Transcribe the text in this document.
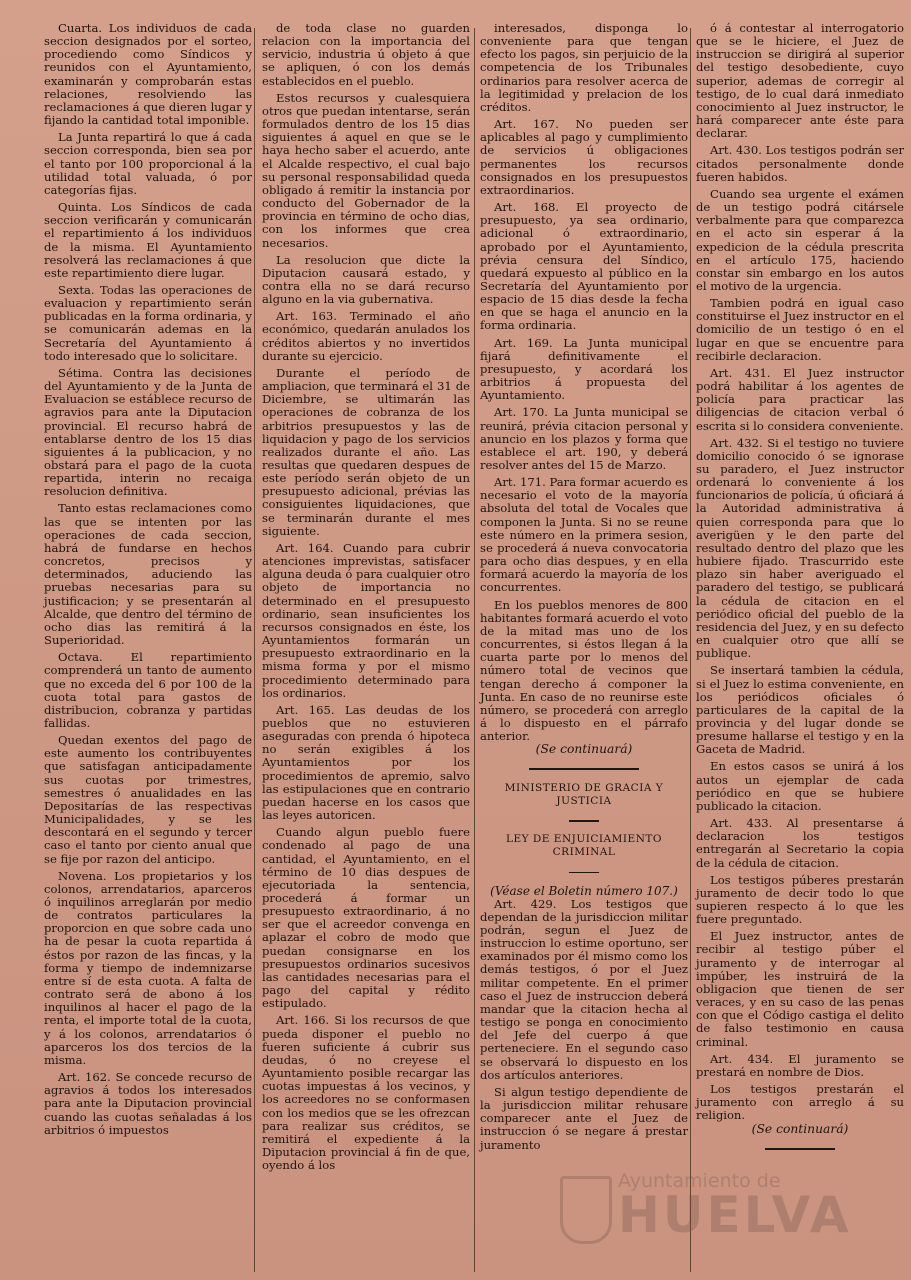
Cuarta. Los individuos de cada seccion designados por el sorteo, procediendo como Síndicos y reunidos con el Ayuntamiento, examinarán y comprobarán estas relaciones, resolviendo las reclamaciones á que dieren lugar y fijando la cantidad total imponible.

La Junta repartirá lo que á cada seccion corresponda, bien sea por el tanto por 100 proporcional á la utilidad total valuada, ó por categorías fijas.

Quinta. Los Síndicos de cada seccion verificarán y comunicarán el repartimiento á los individuos de la misma. El Ayuntamiento resolverá las reclamaciones á que este repartimiento diere lugar.

Sexta. Todas las operaciones de evaluacion y repartimiento serán publicadas en la forma ordinaria, y se comunicarán ademas en la Secretaría del Ayuntamiento á todo interesado que lo solicitare.

Sétima. Contra las decisiones del Ayuntamiento y de la Junta de Evaluacion se estáblece recurso de agravios para ante la Diputacion provincial. El recurso habrá de entablarse dentro de los 15 dias siguientes á la publicacion, y no obstará para el pago de la cuota repartida, interin no recaiga resolucion definitiva.

Tanto estas reclamaciones como las que se intenten por las operaciones de cada seccion, habrá de fundarse en hechos concretos, precisos y determinados, aduciendo las pruebas necesarias para su justificacion; y se presentarán al Alcalde, que dentro del término de ocho dias las remitirá á la Superioridad.

Octava. El repartimiento comprenderá un tanto de aumento que no exceda del 6 por 100 de la cuota total para gastos de distribucion, cobranza y partidas fallidas.

Quedan exentos del pago de este aumento los contribuyentes que satisfagan anticipadamente sus cuotas por trimestres, semestres ó anualidades en las Depositarías de las respectivas Municipalidades, y se les descontará en el segundo y tercer caso el tanto por ciento anual que se fije por razon del anticipo.

Novena. Los propietarios y los colonos, arrendatarios, aparceros ó inquilinos arreglarán por medio de contratos particulares la proporcion en que sobre cada uno ha de pesar la cuota repartida á éstos por razon de las fincas, y la forma y tiempo de indemnizarse entre sí de esta cuota. A falta de contrato será de abono á los inquilinos al hacer el pago de la renta, el importe total de la cuota, y á los colonos, arrendatarios ó aparceros los dos tercios de la misma.

Art. 162. Se concede recurso de agravios á todos los interesados para ante la Diputacion provincial cuando las cuotas señaladas á los arbitrios ó impuestos

de toda clase no guarden relacion con la importancia del servicio, industria ú objeto á que se apliquen, ó con los demás establecidos en el pueblo.

Estos recursos y cualesquiera otros que puedan intentarse, serán formulados dentro de los 15 dias siguientes á aquel en que se le haya hecho saber el acuerdo, ante el Alcalde respectivo, el cual bajo su personal responsabilidad queda obligado á remitir la instancia por conducto del Gobernador de la provincia en término de ocho dias, con los informes que crea necesarios.

La resolucion que dicte la Diputacion causará estado, y contra ella no se dará recurso alguno en la via gubernativa.

Art. 163. Terminado el año económico, quedarán anulados los créditos abiertos y no invertidos durante su ejercicio.

Durante el período de ampliacion, que terminará el 31 de Diciembre, se ultimarán las operaciones de cobranza de los arbitrios presupuestos y las de liquidacion y pago de los servicios realizados durante el año. Las resultas que quedaren despues de este período serán objeto de un presupuesto adicional, prévias las consiguientes liquidaciones, que se terminarán durante el mes siguiente.

Art. 164. Cuando para cubrir atenciones imprevistas, satisfacer alguna deuda ó para cualquier otro objeto de importancia no determinado en el presupuesto ordinario, sean insuficientes los recursos consignados en éste, los Ayuntamientos formarán un presupuesto extraordinario en la misma forma y por el mismo procedimiento determinado para los ordinarios.

Art. 165. Las deudas de los pueblos que no estuvieren aseguradas con prenda ó hipoteca no serán exigibles á los Ayuntamientos por los procedimientos de apremio, salvo las estipulaciones que en contrario puedan hacerse en los casos que las leyes autoricen.

Cuando algun pueblo fuere condenado al pago de una cantidad, el Ayuntamiento, en el término de 10 dias despues de ejecutoriada la sentencia, procederá á formar un presupuesto extraordinario, á no ser que el acreedor convenga en aplazar el cobro de modo que puedan consignarse en los presupuestos ordinarios sucesivos las cantidades necesarias para el pago del capital y rédito estipulado.

Art. 166. Si los recursos de que pueda disponer el pueblo no fueren suficiente á cubrir sus deudas, ó no creyese el Ayuntamiento posible recargar las cuotas impuestas á los vecinos, y los acreedores no se conformasen con los medios que se les ofrezcan para realizar sus créditos, se remitirá el expediente á la Diputacion provincial á fin de que, oyendo á los

interesados, disponga lo conveniente para que tengan efecto los pagos, sin perjuicio de la competencia de los Tribunales ordinarios para resolver acerca de la legitimidad y prelacion de los créditos.

Art. 167. No pueden ser aplicables al pago y cumplimiento de servicios ú obligaciones permanentes los recursos consignados en los presupuestos extraordinarios.

Art. 168. El proyecto de presupuesto, ya sea ordinario, adicional ó extraordinario, aprobado por el Ayuntamiento, prévia censura del Síndico, quedará expuesto al público en la Secretaría del Ayuntamiento por espacio de 15 dias desde la fecha en que se haga el anuncio en la forma ordinaria.

Art. 169. La Junta municipal fijará definitivamente el presupuesto, y acordará los arbitrios á propuesta del Ayuntamiento.

Art. 170. La Junta municipal se reunirá, prévia citacion personal y anuncio en los plazos y forma que establece el art. 190, y deberá resolver antes del 15 de Marzo.

Art. 171. Para formar acuerdo es necesario el voto de la mayoría absoluta del total de Vocales que componen la Junta. Si no se reune este número en la primera sesion, se procederá á nueva convocatoria para ocho dias despues, y en ella formará acuerdo la mayoría de los concurrentes.

En los pueblos menores de 800 habitantes formará acuerdo el voto de la mitad mas uno de los concurrentes, si éstos llegan á la cuarta parte por lo menos del número total de vecinos que tengan derecho á componer la Junta. En caso de no reunirse este número, se procederá con arreglo á lo dispuesto en el párrafo anterior.

(Se continuará)

MINISTERIO DE GRACIA Y JUSTICIA

LEY DE ENJUICIAMIENTO CRIMINAL

(Véase el Boletin número 107.)

Art. 429. Los testigos que dependan de la jurisdiccion militar podrán, segun el Juez de instruccion lo estime oportuno, ser examinados por él mismo como los demás testigos, ó por el Juez militar competente. En el primer caso el Juez de instruccion deberá mandar que la citacion hecha al testigo se ponga en conocimiento del Jefe del cuerpo á que perteneciere. En el segundo caso se observará lo dispuesto en los dos artículos anteriores.

Si algun testigo dependiente de la jurisdiccion militar rehusare comparecer ante el Juez de instruccion ó se negare á prestar juramento

ó á contestar al interrogatorio que se le hiciere, el Juez de instruccion se dirigirá al superior del testigo desobediente, cuyo superior, ademas de corregir al testigo, de lo cual dará inmediato conocimiento al Juez instructor, le hará comparecer ante éste para declarar.

Art. 430. Los testigos podrán ser citados personalmente donde fueren habidos.

Cuando sea urgente el exámen de un testigo podrá citársele verbalmente para que comparezca en el acto sin esperar á la expedicion de la cédula prescrita en el artículo 175, haciendo constar sin embargo en los autos el motivo de la urgencia.

Tambien podrá en igual caso constituirse el Juez instructor en el domicilio de un testigo ó en el lugar en que se encuentre para recibirle declaracion.

Art. 431. El Juez instructor podrá habilitar á los agentes de policía para practicar las diligencias de citacion verbal ó escrita si lo considera conveniente.

Art. 432. Si el testigo no tuviere domicilio conocido ó se ignorase su paradero, el Juez instructor ordenará lo conveniente á los funcionarios de policía, ú oficiará á la Autoridad administrativa á quien corresponda para que lo averigüen y le den parte del resultado dentro del plazo que les hubiere fijado. Trascurrido este plazo sin haber averiguado el paradero del testigo, se publicará la cédula de citacion en el periódico oficial del pueblo de la residencia del Juez, y en su defecto en cualquier otro que allí se publique.

Se insertará tambien la cédula, si el Juez lo estima conveniente, en los periódicos oficiales ó particulares de la capital de la provincia y del lugar donde se presume hallarse el testigo y en la Gaceta de Madrid.

En estos casos se unirá á los autos un ejemplar de cada periódico en que se hubiere publicado la citacion.

Art. 433. Al presentarse á declaracion los testigos entregarán al Secretario la copia de la cédula de citacion.

Los testigos púberes prestarán juramento de decir todo lo que supieren respecto á lo que les fuere preguntado.

El Juez instructor, antes de recibir al testigo púber el juramento y de interrogar al impúber, les instruirá de la obligacion que tienen de ser veraces, y en su caso de las penas con que el Código castiga el delito de falso testimonio en causa criminal.

Art. 434. El juramento se prestará en nombre de Dios.

Los testigos prestarán el juramento con arreglo á su religion.

(Se continuará)

Ayuntamiento de
HUELVA
